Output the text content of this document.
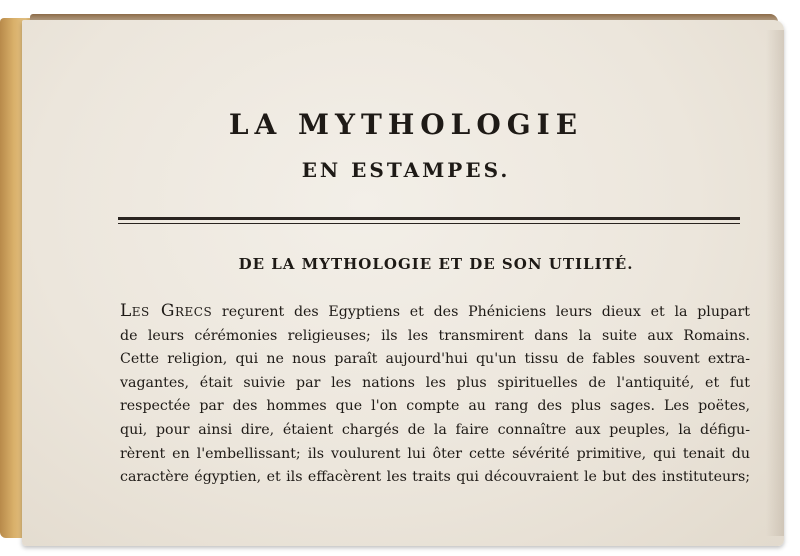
LA MYTHOLOGIE
EN ESTAMPES.
DE LA MYTHOLOGIE ET DE SON UTILITÉ.
Les Grecs reçurent des Egyptiens et des Phéniciens leurs dieux et la plupart
de leurs cérémonies religieuses; ils les transmirent dans la suite aux Romains.
Cette religion, qui ne nous paraît aujourd'hui qu'un tissu de fables souvent extra-
vagantes, était suivie par les nations les plus spirituelles de l'antiquité, et fut
respectée par des hommes que l'on compte au rang des plus sages. Les poëtes,
qui, pour ainsi dire, étaient chargés de la faire connaître aux peuples, la défigu-
rèrent en l'embellissant; ils voulurent lui ôter cette sévérité primitive, qui tenait du
caractère égyptien, et ils effacèrent les traits qui découvraient le but des instituteurs;
